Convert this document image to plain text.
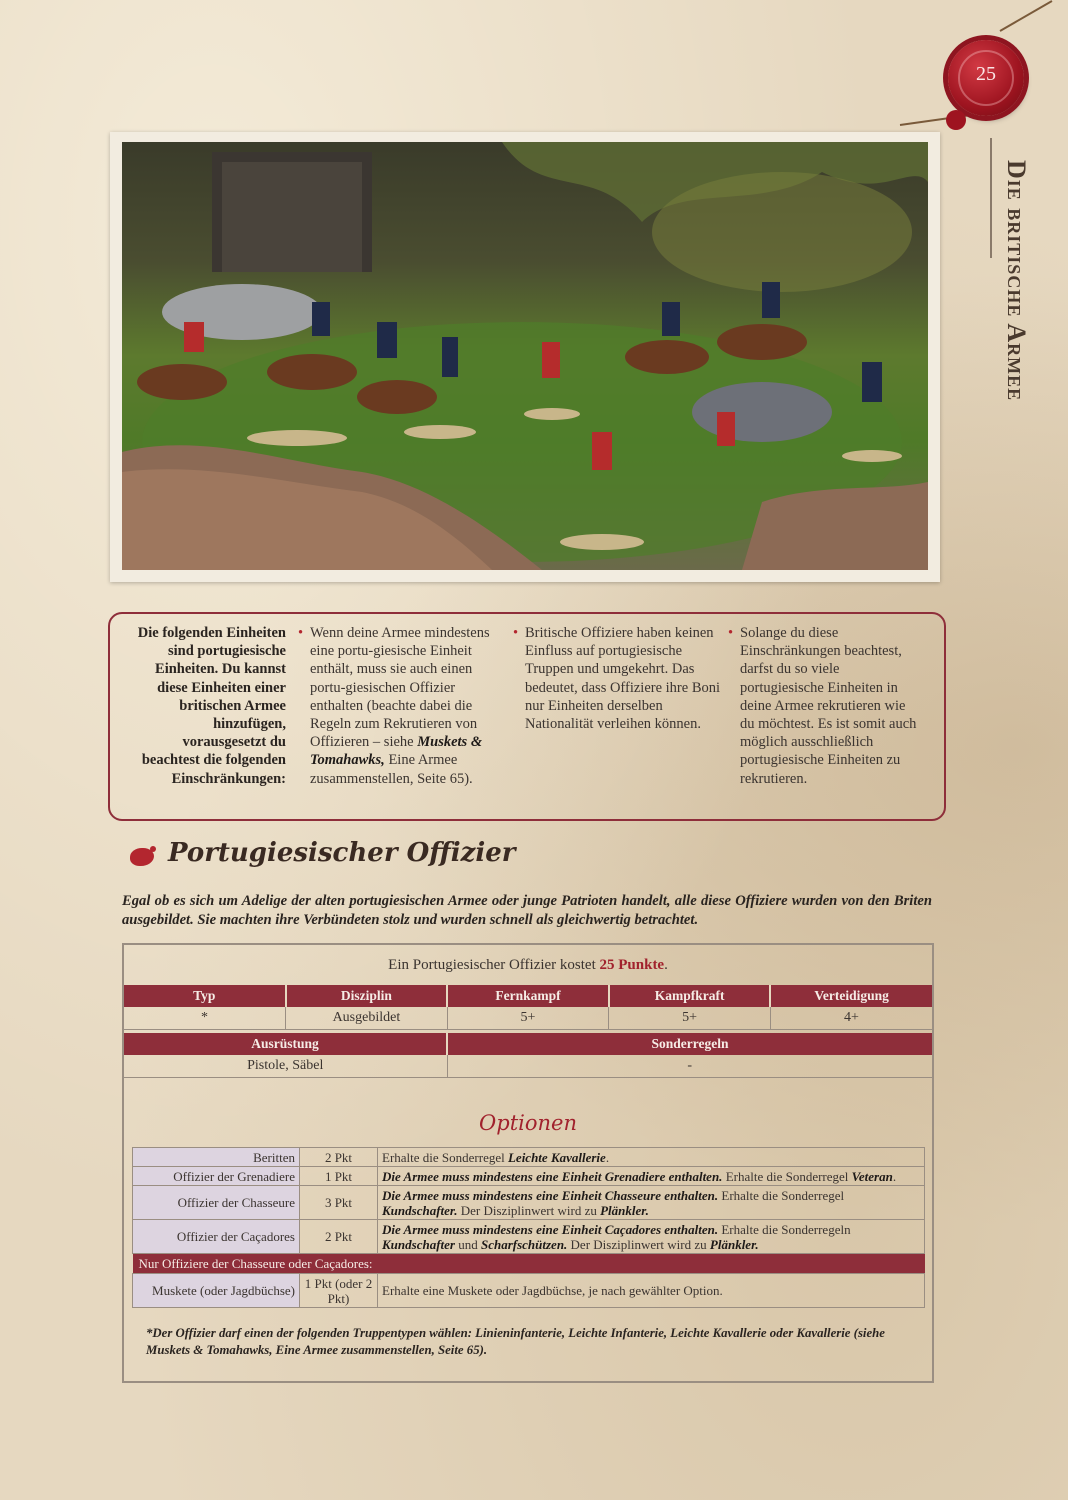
25
Die britische Armee
Die folgenden Einheiten sind portugiesische Einheiten. Du kannst diese Einheiten einer britischen Armee hinzufügen, vorausgesetzt du beachtest die folgenden Einschränkungen:
• Wenn deine Armee mindestens eine portu-giesische Einheit enthält, muss sie auch einen portu-giesischen Offizier enthalten (beachte dabei die Regeln zum Rekrutieren von Offizieren – siehe Muskets & Tomahawks, Eine Armee zusammenstellen, Seite 65).
• Britische Offiziere haben keinen Einfluss auf portugiesische Truppen und umgekehrt. Das bedeutet, dass Offiziere ihre Boni nur Einheiten derselben Nationalität verleihen können.
• Solange du diese Einschränkungen beachtest, darfst du so viele portugiesische Einheiten in deine Armee rekrutieren wie du möchtest. Es ist somit auch möglich ausschließlich portugiesische Einheiten zu rekrutieren.
Portugiesischer Offizier
Egal ob es sich um Adelige der alten portugiesischen Armee oder junge Patrioten handelt, alle diese Offiziere wurden von den Briten ausgebildet. Sie machten ihre Verbündeten stolz und wurden schnell als gleichwertig betrachtet.
Ein Portugiesischer Offizier kostet 25 Punkte.
Typ	Disziplin	Fernkampf	Kampfkraft	Verteidigung
*	Ausgebildet	5+	5+	4+
Ausrüstung	Sonderregeln
Pistole, Säbel	-
Optionen
Beritten	2 Pkt	Erhalte die Sonderregel Leichte Kavallerie.
Offizier der Grenadiere	1 Pkt	Die Armee muss mindestens eine Einheit Grenadiere enthalten. Erhalte die Sonderregel Veteran.
Offizier der Chasseure	3 Pkt	Die Armee muss mindestens eine Einheit Chasseure enthalten. Erhalte die Sonderregel Kundschafter. Der Disziplinwert wird zu Plänkler.
Offizier der Caçadores	2 Pkt	Die Armee muss mindestens eine Einheit Caçadores enthalten. Erhalte die Sonderregeln Kundschafter und Scharfschützen. Der Disziplinwert wird zu Plänkler.
Nur Offiziere der Chasseure oder Caçadores:		
Muskete (oder Jagdbüchse)	1 Pkt (oder 2 Pkt)	Erhalte eine Muskete oder Jagdbüchse, je nach gewählter Option.
*Der Offizier darf einen der folgenden Truppentypen wählen: Linieninfanterie, Leichte Infanterie, Leichte Kavallerie oder Kavallerie (siehe Muskets & Tomahawks, Eine Armee zusammenstellen, Seite 65).
